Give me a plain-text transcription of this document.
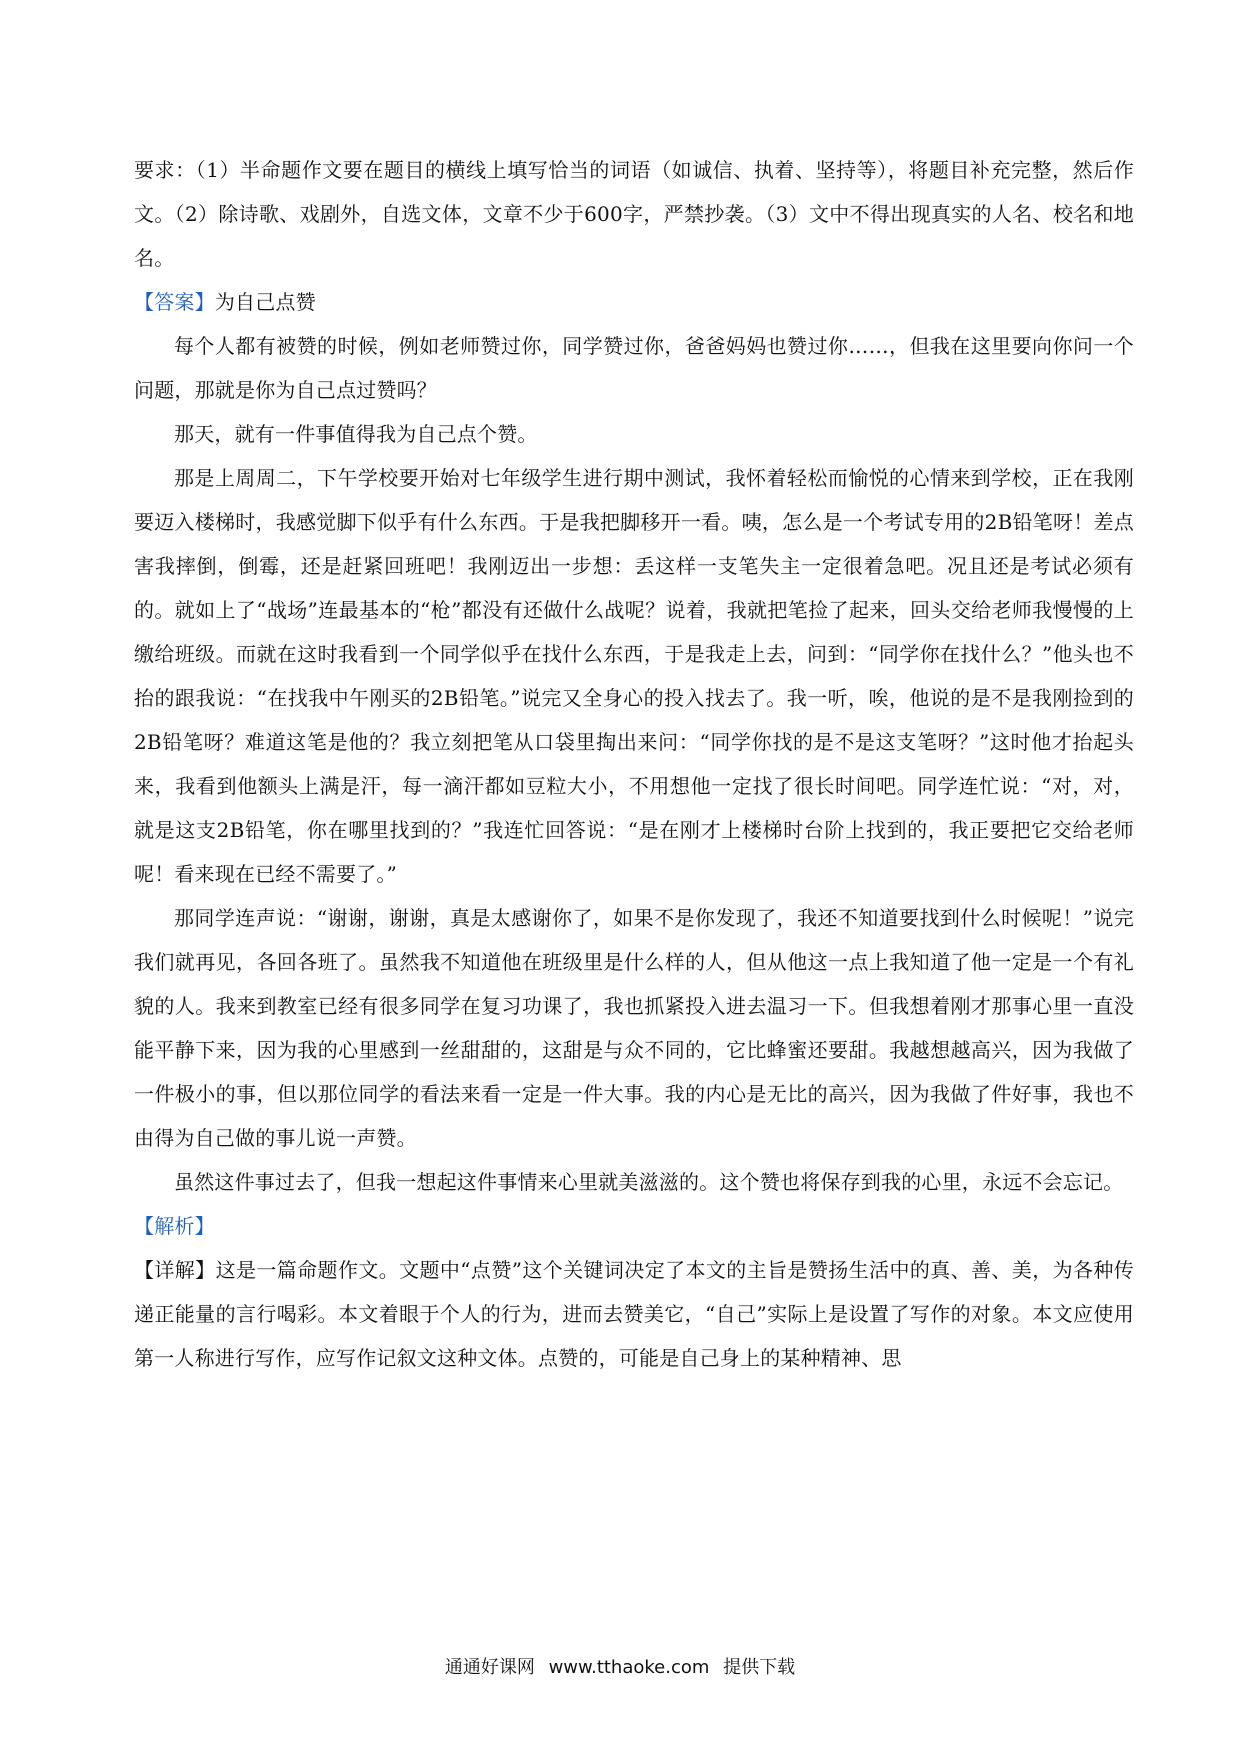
要求：（1）半命题作文要在题目的横线上填写恰当的词语（如诚信、执着、坚持等），将题目补充完整，然后作文。（2）除诗歌、戏剧外，自选文体，文章不少于600字，严禁抄袭。（3）文中不得出现真实的人名、校名和地名。

【答案】为自己点赞

每个人都有被赞的时候，例如老师赞过你，同学赞过你，爸爸妈妈也赞过你……，但我在这里要向你问一个问题，那就是你为自己点过赞吗？

那天，就有一件事值得我为自己点个赞。

那是上周周二，下午学校要开始对七年级学生进行期中测试，我怀着轻松而愉悦的心情来到学校，正在我刚要迈入楼梯时，我感觉脚下似乎有什么东西。于是我把脚移开一看。咦，怎么是一个考试专用的2B铅笔呀！差点害我摔倒，倒霉，还是赶紧回班吧！我刚迈出一步想：丢这样一支笔失主一定很着急吧。况且还是考试必须有的。就如上了“战场”连最基本的“枪”都没有还做什么战呢？说着，我就把笔捡了起来，回头交给老师我慢慢的上缴给班级。而就在这时我看到一个同学似乎在找什么东西，于是我走上去，问到：“同学你在找什么？”他头也不抬的跟我说：“在找我中午刚买的2B铅笔。”说完又全身心的投入找去了。我一听，唉，他说的是不是我刚捡到的2B铅笔呀？难道这笔是他的？我立刻把笔从口袋里掏出来问：“同学你找的是不是这支笔呀？”这时他才抬起头来，我看到他额头上满是汗，每一滴汗都如豆粒大小，不用想他一定找了很长时间吧。同学连忙说：“对，对，就是这支2B铅笔，你在哪里找到的？”我连忙回答说：“是在刚才上楼梯时台阶上找到的，我正要把它交给老师呢！看来现在已经不需要了。”

那同学连声说：“谢谢，谢谢，真是太感谢你了，如果不是你发现了，我还不知道要找到什么时候呢！”说完我们就再见，各回各班了。虽然我不知道他在班级里是什么样的人，但从他这一点上我知道了他一定是一个有礼貌的人。我来到教室已经有很多同学在复习功课了，我也抓紧投入进去温习一下。但我想着刚才那事心里一直没能平静下来，因为我的心里感到一丝甜甜的，这甜是与众不同的，它比蜂蜜还要甜。我越想越高兴，因为我做了一件极小的事，但以那位同学的看法来看一定是一件大事。我的内心是无比的高兴，因为我做了件好事，我也不由得为自己做的事儿说一声赞。

虽然这件事过去了，但我一想起这件事情来心里就美滋滋的。这个赞也将保存到我的心里，永远不会忘记。

【解析】

【详解】这是一篇命题作文。文题中“点赞”这个关键词决定了本文的主旨是赞扬生活中的真、善、美，为各种传递正能量的言行喝彩。本文着眼于个人的行为，进而去赞美它，“自己”实际上是设置了写作的对象。本文应使用第一人称进行写作，应写作记叙文这种文体。点赞的，可能是自己身上的某种精神、思

通通好课网 www.tthaoke.com 提供下载
